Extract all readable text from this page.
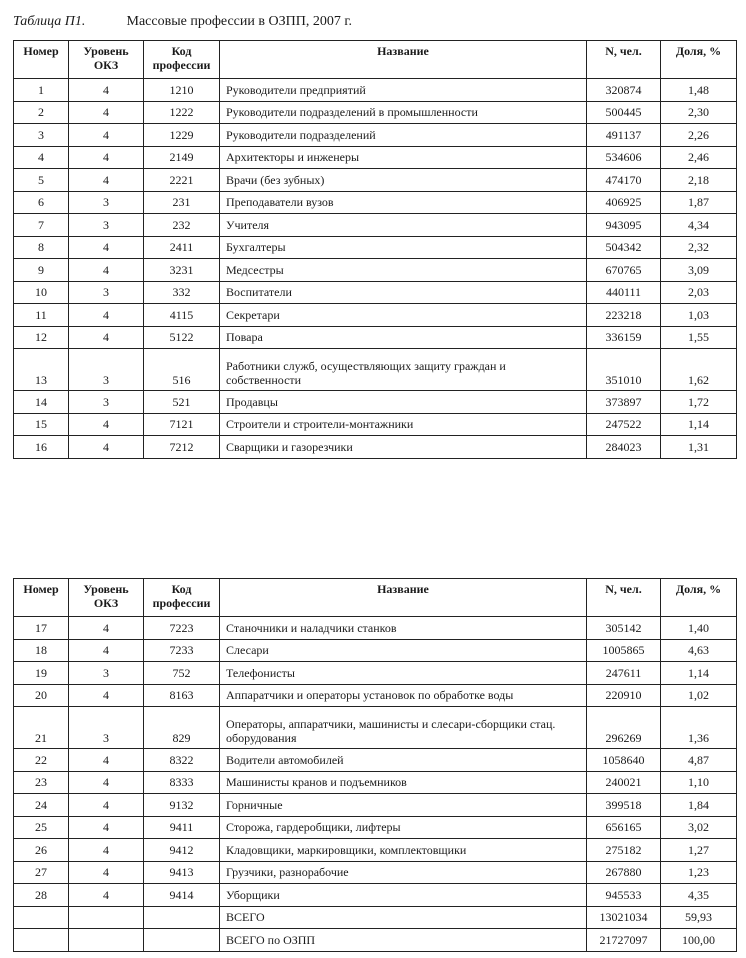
Таблица П1.	Массовые профессии в ОЗПП, 2007 г.
Номер	Уровень ОКЗ	Код профессии	Название	N, чел.	Доля, %
1	4	1210	Руководители предприятий	320874	1,48
2	4	1222	Руководители подразделений в промышленности	500445	2,30
3	4	1229	Руководители подразделений	491137	2,26
4	4	2149	Архитекторы и инженеры	534606	2,46
5	4	2221	Врачи (без зубных)	474170	2,18
6	3	231	Преподаватели вузов	406925	1,87
7	3	232	Учителя	943095	4,34
8	4	2411	Бухгалтеры	504342	2,32
9	4	3231	Медсестры	670765	3,09
10	3	332	Воспитатели	440111	2,03
11	4	4115	Секретари	223218	1,03
12	4	5122	Повара	336159	1,55
13	3	516	Работники служб, осуществляющих защиту граждан и собственности	351010	1,62
14	3	521	Продавцы	373897	1,72
15	4	7121	Строители и строители-монтажники	247522	1,14
16	4	7212	Сварщики и газорезчики	284023	1,31
Номер	Уровень ОКЗ	Код профессии	Название	N, чел.	Доля, %
17	4	7223	Станочники и наладчики станков	305142	1,40
18	4	7233	Слесари	1005865	4,63
19	3	752	Телефонисты	247611	1,14
20	4	8163	Аппаратчики и операторы установок по обработке воды	220910	1,02
21	3	829	Операторы, аппаратчики, машинисты и слесари-сборщики стац. оборудования	296269	1,36
22	4	8322	Водители автомобилей	1058640	4,87
23	4	8333	Машинисты кранов и подъемников	240021	1,10
24	4	9132	Горничные	399518	1,84
25	4	9411	Сторожа, гардеробщики, лифтеры	656165	3,02
26	4	9412	Кладовщики, маркировщики, комплектовщики	275182	1,27
27	4	9413	Грузчики, разнорабочие	267880	1,23
28	4	9414	Уборщики	945533	4,35
			ВСЕГО	13021034	59,93
			ВСЕГО по ОЗПП	21727097	100,00
